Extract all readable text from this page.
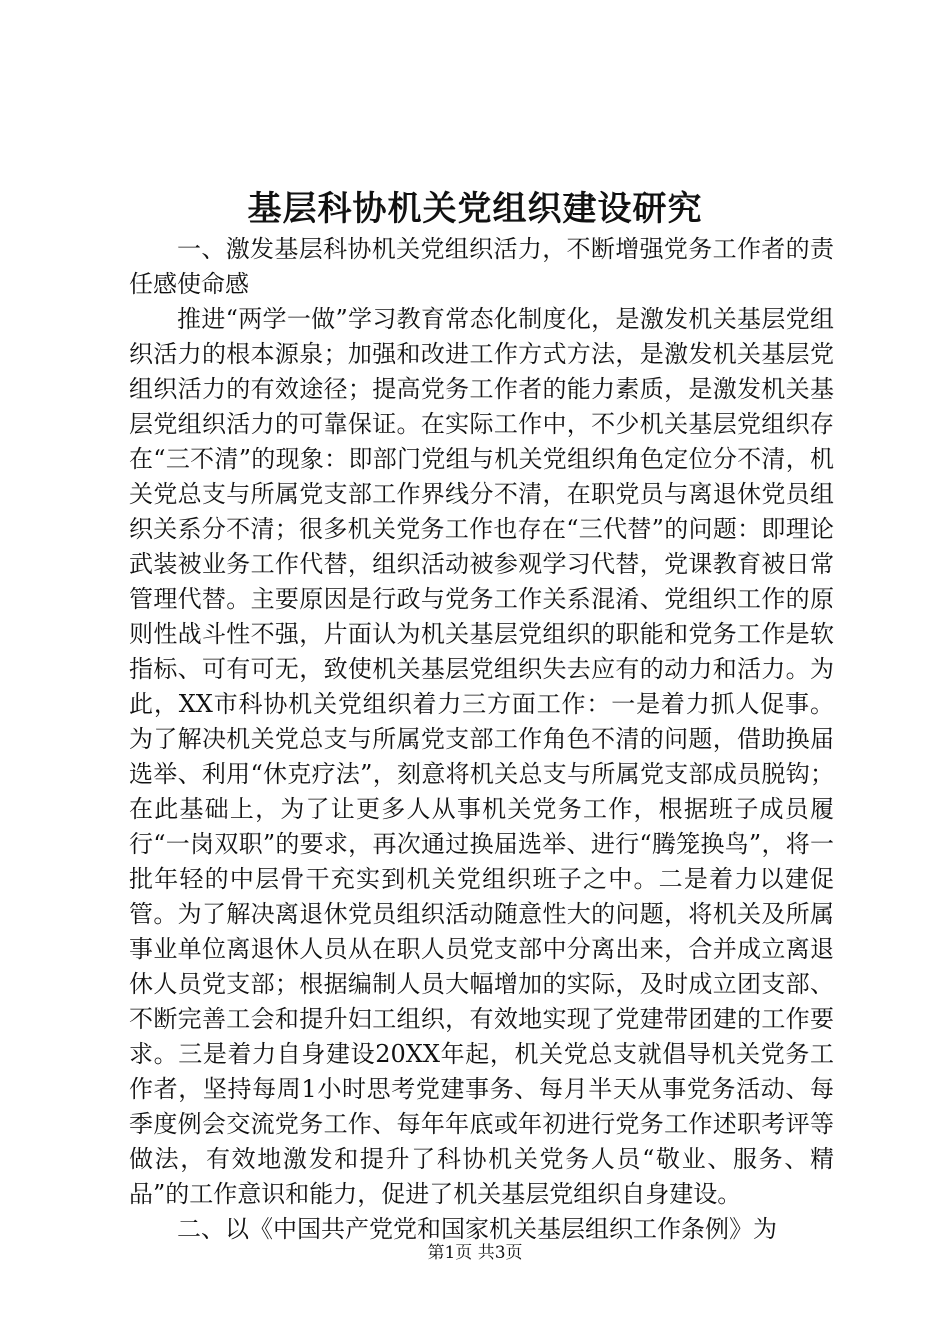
基层科协机关党组织建设研究

一、激发基层科协机关党组织活力，不断增强党务工作者的责任感使命感

推进“两学一做”学习教育常态化制度化，是激发机关基层党组织活力的根本源泉；加强和改进工作方式方法，是激发机关基层党组织活力的有效途径；提高党务工作者的能力素质，是激发机关基层党组织活力的可靠保证。在实际工作中，不少机关基层党组织存在“三不清”的现象：即部门党组与机关党组织角色定位分不清，机关党总支与所属党支部工作界线分不清，在职党员与离退休党员组织关系分不清；很多机关党务工作也存在“三代替”的问题：即理论武装被业务工作代替，组织活动被参观学习代替，党课教育被日常管理代替。主要原因是行政与党务工作关系混淆、党组织工作的原则性战斗性不强，片面认为机关基层党组织的职能和党务工作是软指标、可有可无，致使机关基层党组织失去应有的动力和活力。为此，XX市科协机关党组织着力三方面工作：一是着力抓人促事。为了解决机关党总支与所属党支部工作角色不清的问题，借助换届选举、利用“休克疗法”，刻意将机关总支与所属党支部成员脱钩；在此基础上，为了让更多人从事机关党务工作，根据班子成员履行“一岗双职”的要求，再次通过换届选举、进行“腾笼换鸟”，将一批年轻的中层骨干充实到机关党组织班子之中。二是着力以建促管。为了解决离退休党员组织活动随意性大的问题，将机关及所属事业单位离退休人员从在职人员党支部中分离出来，合并成立离退休人员党支部；根据编制人员大幅增加的实际，及时成立团支部、不断完善工会和提升妇工组织，有效地实现了党建带团建的工作要求。三是着力自身建设20XX年起，机关党总支就倡导机关党务工作者，坚持每周1小时思考党建事务、每月半天从事党务活动、每季度例会交流党务工作、每年年底或年初进行党务工作述职考评等做法，有效地激发和提升了科协机关党务人员“敬业、服务、精品”的工作意识和能力，促进了机关基层党组织自身建设。

二、以《中国共产党党和国家机关基层组织工作条例》为

第1页 共3页
